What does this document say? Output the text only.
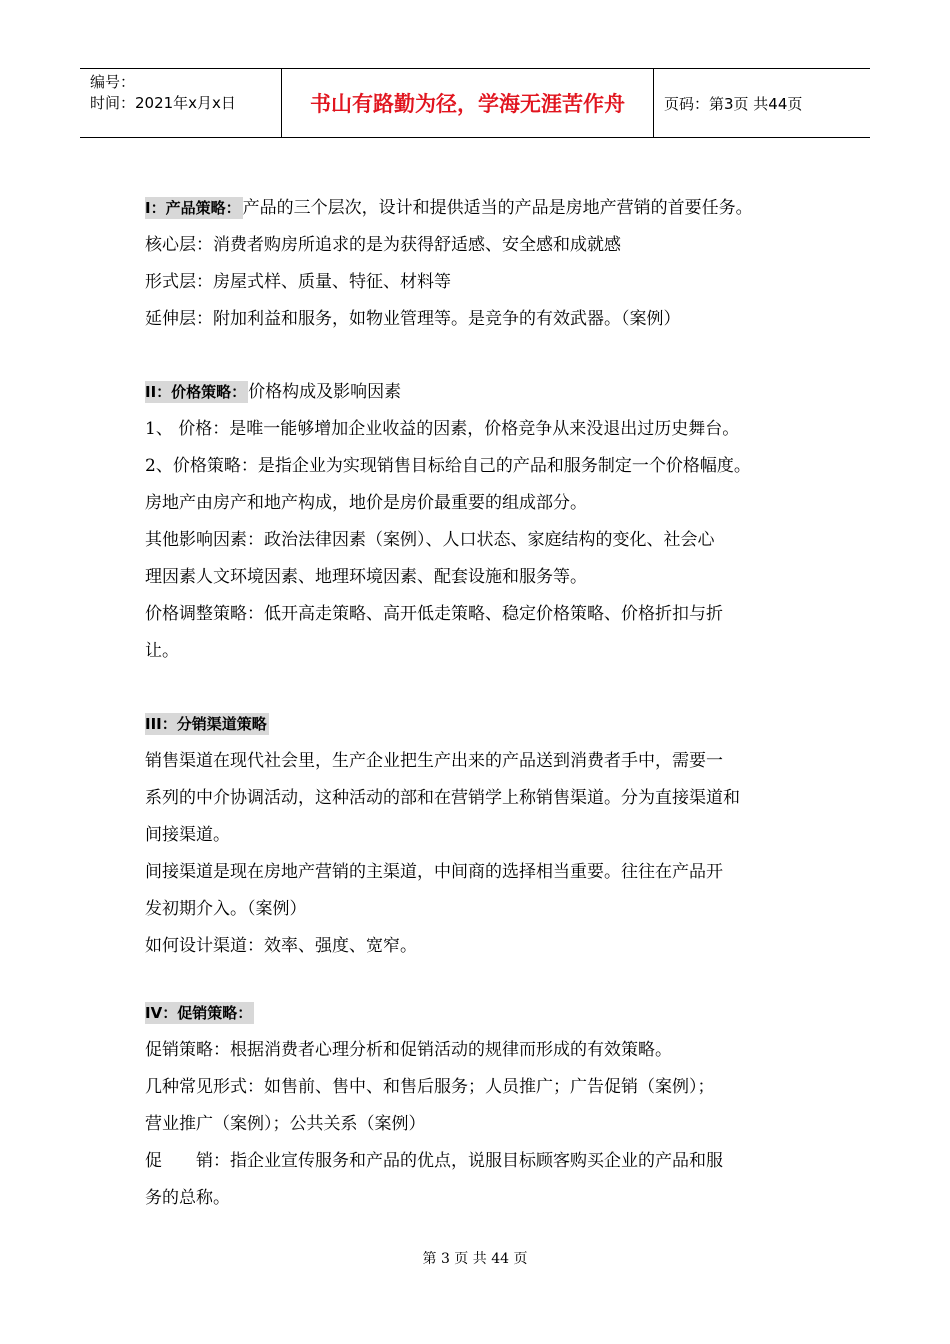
编号：
时间：2021年x月x日	书山有路勤为径，学海无涯苦作舟	页码：第3页 共44页
I：产品策略： 产品的三个层次，设计和提供适当的产品是房地产营销的首要任务。
核心层：消费者购房所追求的是为获得舒适感、安全感和成就感
形式层：房屋式样、质量、特征、材料等
延伸层：附加利益和服务，如物业管理等。是竞争的有效武器。（案例）
II：价格策略： 价格构成及影响因素
1、 价格：是唯一能够增加企业收益的因素，价格竞争从来没退出过历史舞台。
2、价格策略：是指企业为实现销售目标给自己的产品和服务制定一个价格幅度。
房地产由房产和地产构成，地价是房价最重要的组成部分。
其他影响因素：政治法律因素（案例）、人口状态、家庭结构的变化、社会心
理因素人文环境因素、地理环境因素、配套设施和服务等。
价格调整策略：低开高走策略、高开低走策略、稳定价格策略、价格折扣与折
让。
III：分销渠道策略
销售渠道在现代社会里，生产企业把生产出来的产品送到消费者手中，需要一
系列的中介协调活动，这种活动的部和在营销学上称销售渠道。分为直接渠道和
间接渠道。
间接渠道是现在房地产营销的主渠道，中间商的选择相当重要。往往在产品开
发初期介入。（案例）
如何设计渠道：效率、强度、宽窄。
IV：促销策略：
促销策略：根据消费者心理分析和促销活动的规律而形成的有效策略。
几种常见形式：如售前、售中、和售后服务；人员推广；广告促销（案例）；
营业推广（案例）；公共关系（案例）
促　　销：指企业宣传服务和产品的优点，说服目标顾客购买企业的产品和服
务的总称。
第 3 页 共 44 页
